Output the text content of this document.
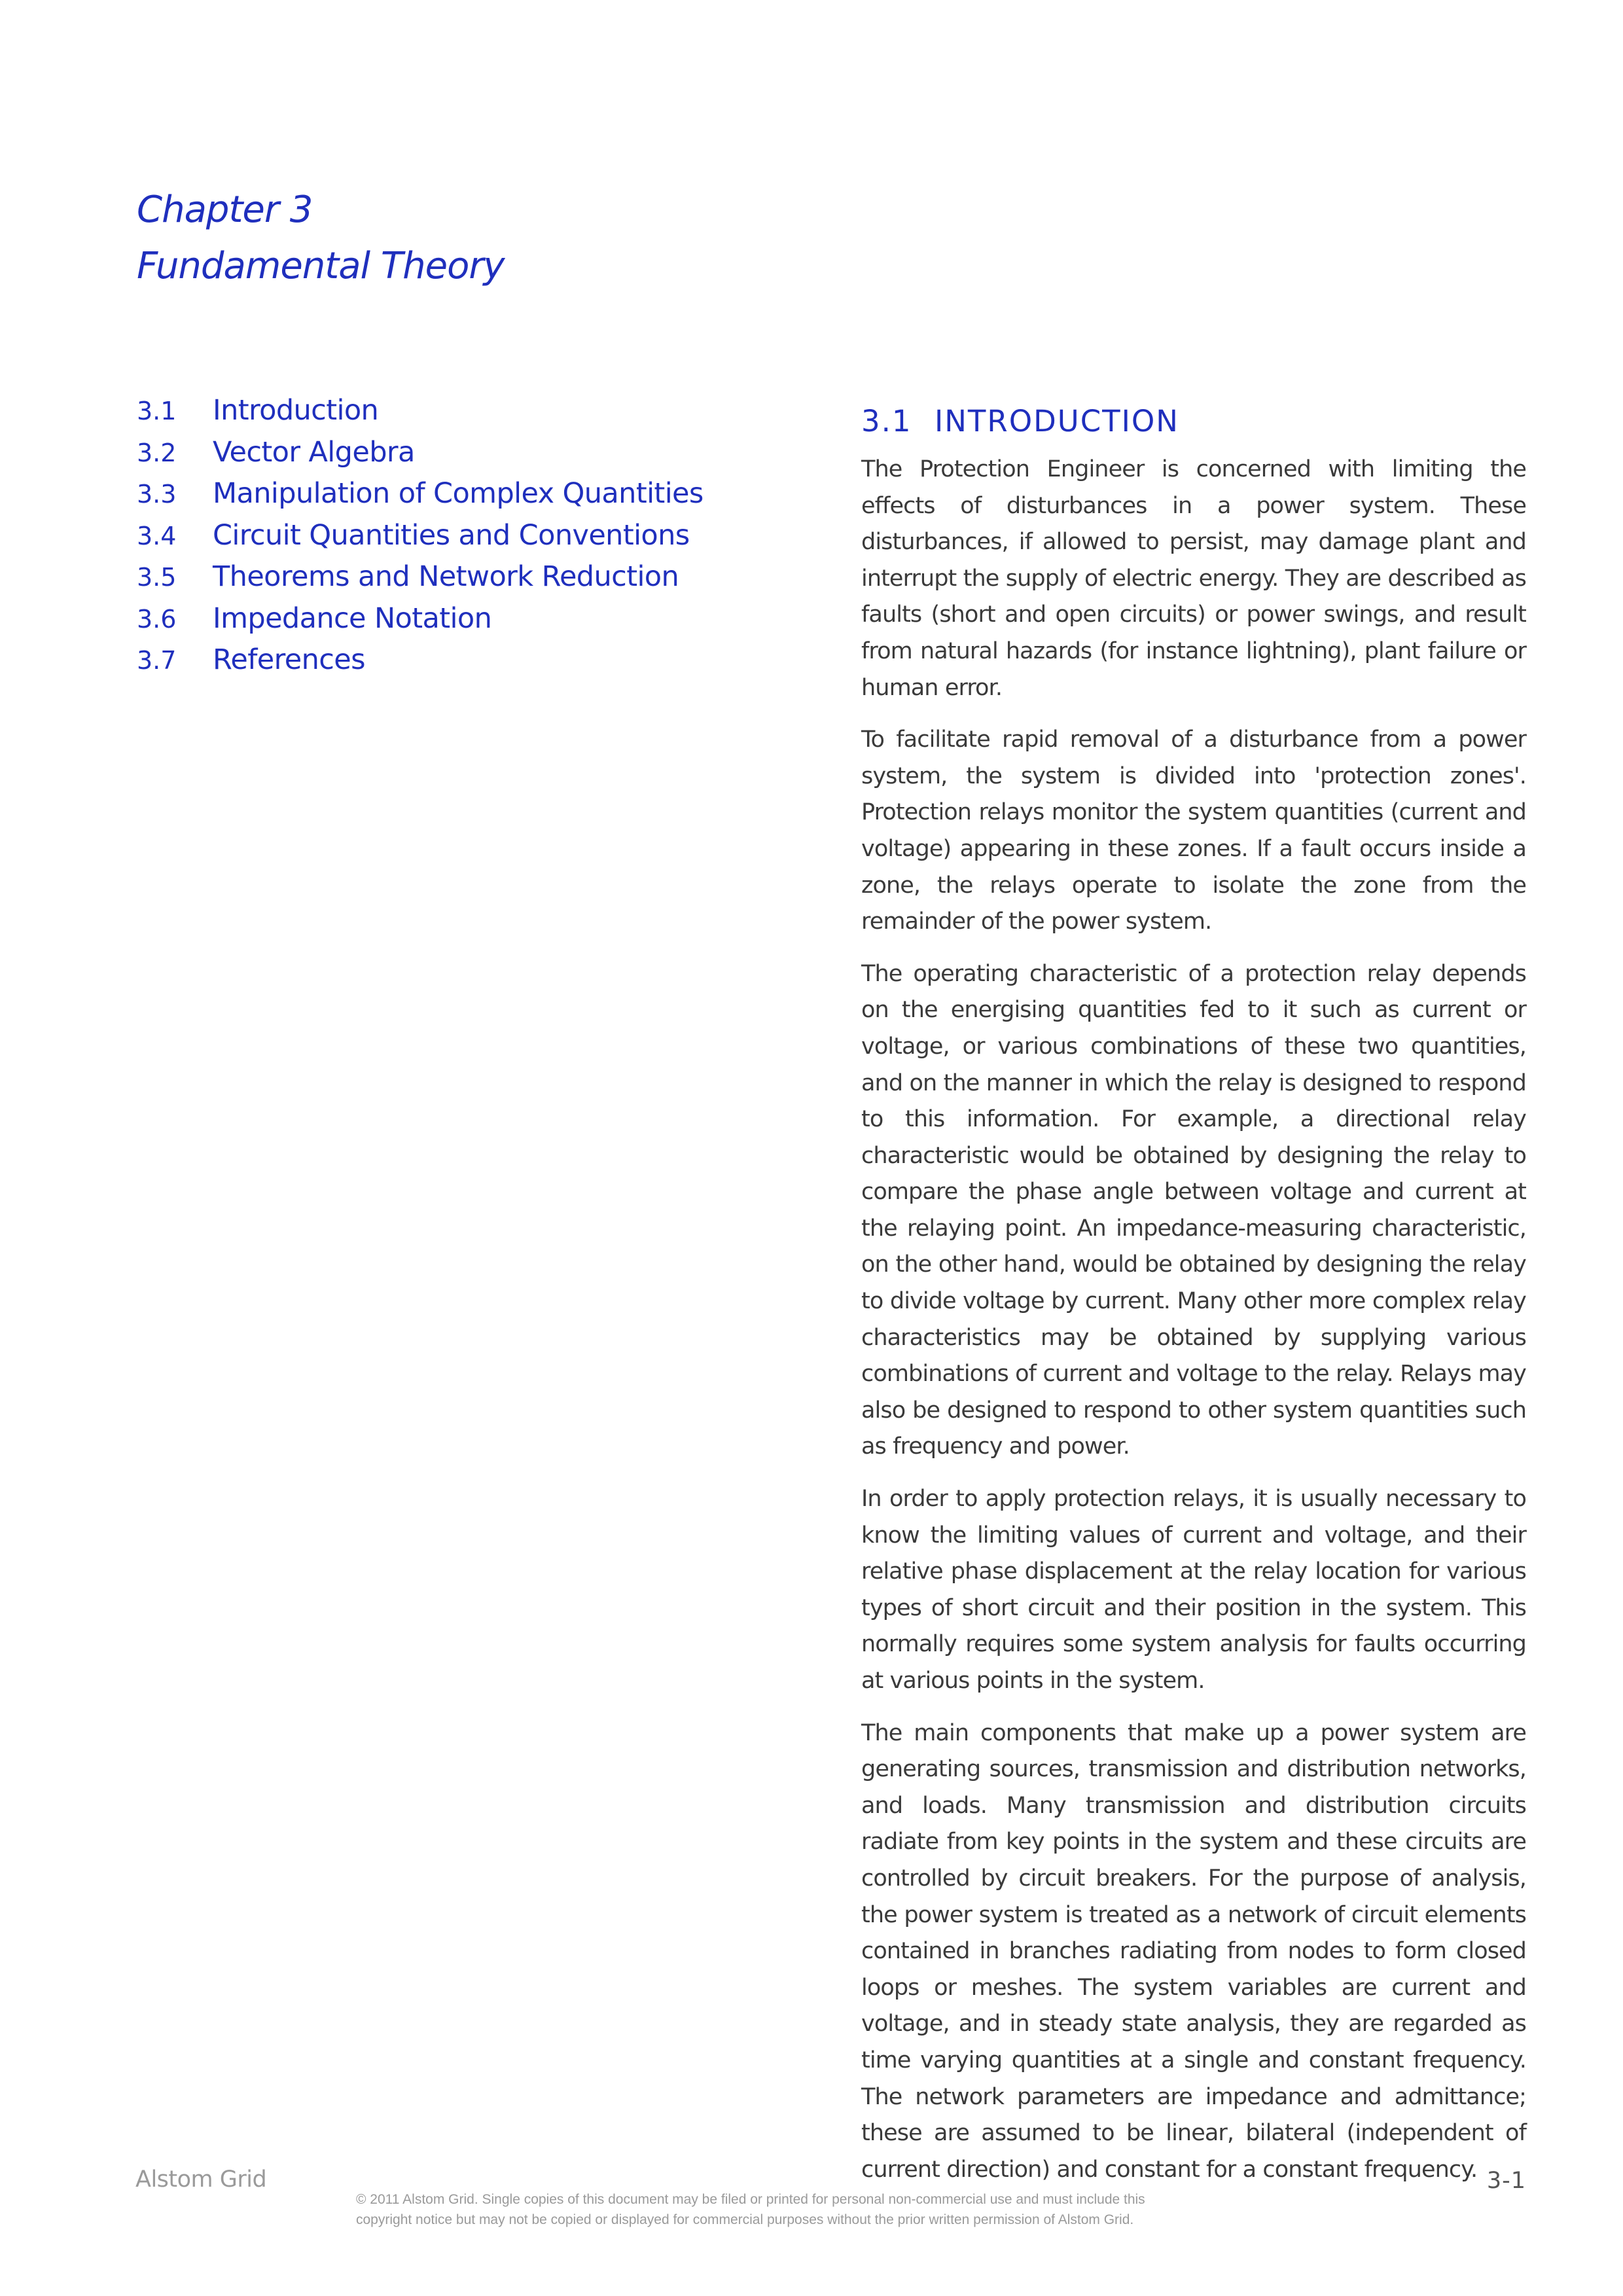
Chapter 3
Fundamental Theory
3.1 Introduction
3.2 Vector Algebra
3.3 Manipulation of Complex Quantities
3.4 Circuit Quantities and Conventions
3.5 Theorems and Network Reduction
3.6 Impedance Notation
3.7 References
3.1 INTRODUCTION

The Protection Engineer is concerned with limiting the effects of disturbances in a power system. These disturbances, if allowed to persist, may damage plant and interrupt the supply of electric energy. They are described as faults (short and open circuits) or power swings, and result from natural hazards (for instance lightning), plant failure or human error.

To facilitate rapid removal of a disturbance from a power system, the system is divided into 'protection zones'. Protection relays monitor the system quantities (current and voltage) appearing in these zones. If a fault occurs inside a zone, the relays operate to isolate the zone from the remainder of the power system.

The operating characteristic of a protection relay depends on the energising quantities fed to it such as current or voltage, or various combinations of these two quantities, and on the manner in which the relay is designed to respond to this information. For example, a directional relay characteristic would be obtained by designing the relay to compare the phase angle between voltage and current at the relaying point. An impedance-measuring characteristic, on the other hand, would be obtained by designing the relay to divide voltage by current. Many other more complex relay characteristics may be obtained by supplying various combinations of current and voltage to the relay. Relays may also be designed to respond to other system quantities such as frequency and power.

In order to apply protection relays, it is usually necessary to know the limiting values of current and voltage, and their relative phase displacement at the relay location for various types of short circuit and their position in the system. This normally requires some system analysis for faults occurring at various points in the system.

The main components that make up a power system are generating sources, transmission and distribution networks, and loads. Many transmission and distribution circuits radiate from key points in the system and these circuits are controlled by circuit breakers. For the purpose of analysis, the power system is treated as a network of circuit elements contained in branches radiating from nodes to form closed loops or meshes. The system variables are current and voltage, and in steady state analysis, they are regarded as time varying quantities at a single and constant frequency. The network parameters are impedance and admittance; these are assumed to be linear, bilateral (independent of current direction) and constant for a constant frequency.

Alstom Grid
© 2011 Alstom Grid. Single copies of this document may be filed or printed for personal non-commercial use and must include this
copyright notice but may not be copied or displayed for commercial purposes without the prior written permission of Alstom Grid.
3-1
